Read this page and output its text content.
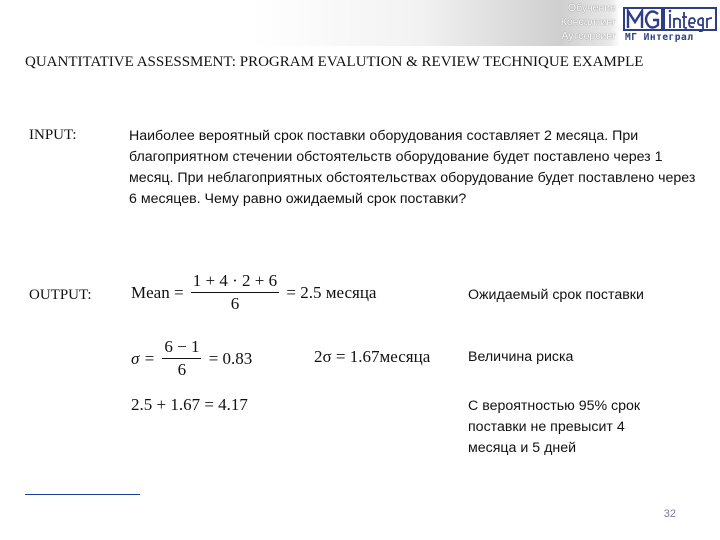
Обучение
Консалтинг
Аутсорсинг МГ Интеграл
QUANTITATIVE ASSESSMENT: PROGRAM EVALUTION & REVIEW TECHNIQUE EXAMPLE
INPUT:	Наиболее вероятный срок поставки оборудования составляет 2 месяца. При благоприятном стечении обстоятельств оборудование будет поставлено через 1 месяц. При неблагоприятных обстоятельствах оборудование будет поставлено через 6 месяцев. Чему равно ожидаемый срок поставки?
OUTPUT: Mean = $\frac{1 + 4 \cdot 2 + 6}{6} = 2.5$ месяца	Ожидаемый срок поставки
$\sigma = \frac{6 - 1}{6} = 0.83$	2σ = 1.67месяца	Величина риска
2.5 + 1.67 = 4.17	С вероятностью 95% срок поставки не превысит 4 месяца и 5 дней
32
